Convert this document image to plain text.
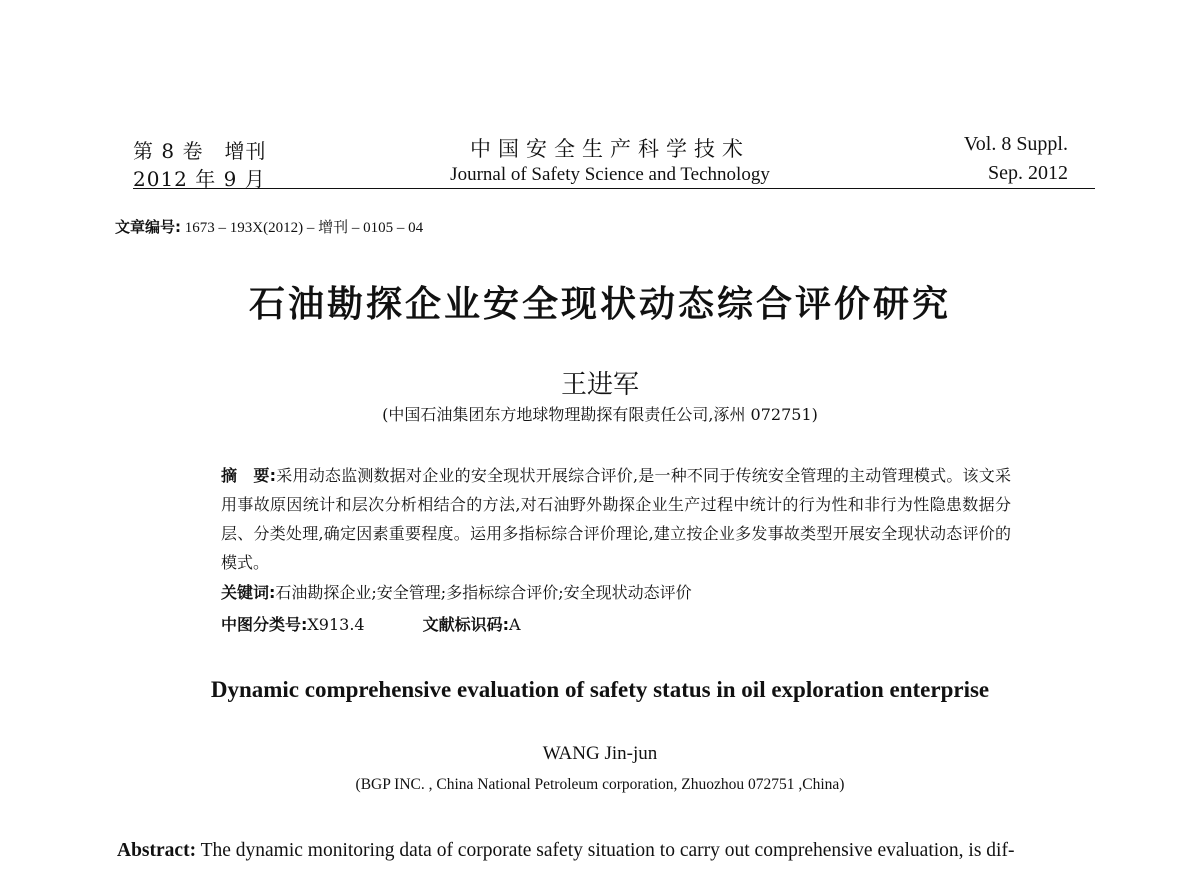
第 8 卷　增刊
2012 年 9 月
中国安全生产科学技术
Journal of Safety Science and Technology
Vol. 8 Suppl.
Sep. 2012
文章编号: 1673 – 193X(2012) – 增刊 – 0105 – 04
石油勘探企业安全现状动态综合评价研究
王进军
(中国石油集团东方地球物理勘探有限责任公司,涿州 072751)
摘　要:采用动态监测数据对企业的安全现状开展综合评价,是一种不同于传统安全管理的主动管理模式。该文采用事故原因统计和层次分析相结合的方法,对石油野外勘探企业生产过程中统计的行为性和非行为性隐患数据分层、分类处理,确定因素重要程度。运用多指标综合评价理论,建立按企业多发事故类型开展安全现状动态评价的模式。
关键词:石油勘探企业;安全管理;多指标综合评价;安全现状动态评价
中图分类号:X913.4	文献标识码:A
Dynamic comprehensive evaluation of safety status in oil exploration enterprise
WANG Jin-jun
(BGP INC. , China National Petroleum corporation, Zhuozhou 072751 ,China)
Abstract: The dynamic monitoring data of corporate safety situation to carry out comprehensive evaluation, is dif-
